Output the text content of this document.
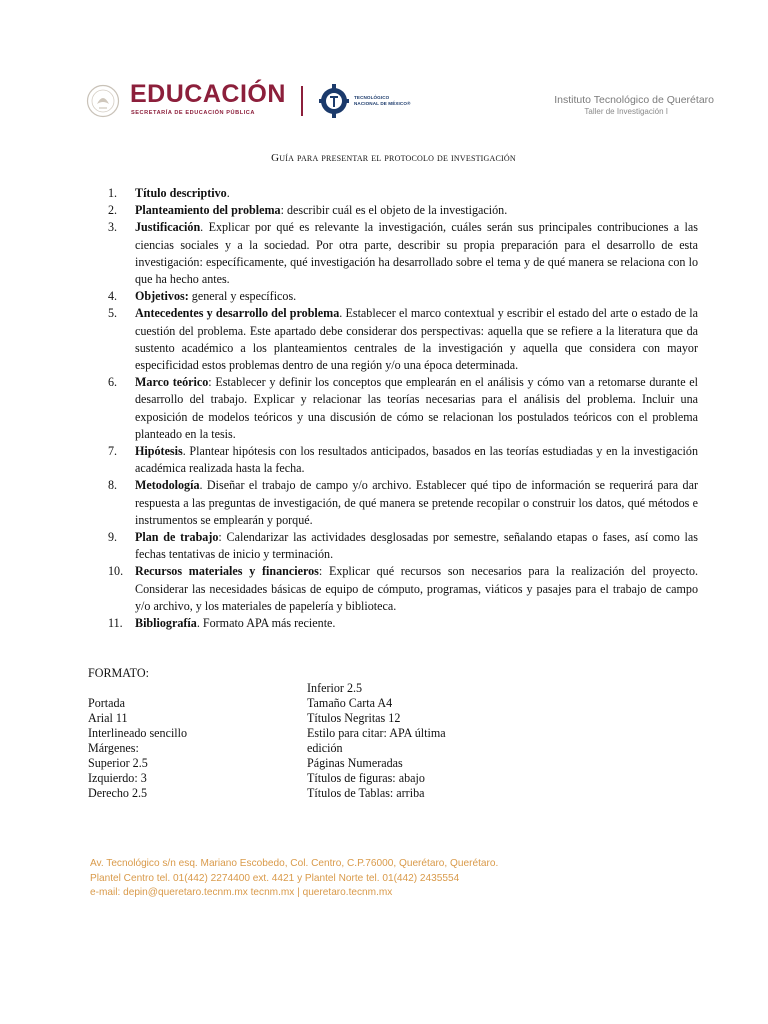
EDUCACIÓN
SECRETARÍA DE EDUCACIÓN PÚBLICA
TECNOLÓGICO
NACIONAL DE MÉXICO®	Instituto Tecnológico de Querétaro
Taller de Investigación I
Guía para presentar el protocolo de investigación
1. Título descriptivo.
2. Planteamiento del problema: describir cuál es el objeto de la investigación.
3. Justificación. Explicar por qué es relevante la investigación, cuáles serán sus principales contribuciones a las ciencias sociales y a la sociedad. Por otra parte, describir su propia preparación para el desarrollo de esta investigación: específicamente, qué investigación ha desarrollado sobre el tema y de qué manera se relaciona con lo que ha hecho antes.
4. Objetivos: general y específicos.
5. Antecedentes y desarrollo del problema. Establecer el marco contextual y escribir el estado del arte o estado de la cuestión del problema. Este apartado debe considerar dos perspectivas: aquella que se refiere a la literatura que da sustento académico a los planteamientos centrales de la investigación y aquella que considera con mayor especificidad estos problemas dentro de una región y/o una época determinada.
6. Marco teórico: Establecer y definir los conceptos que emplearán en el análisis y cómo van a retomarse durante el desarrollo del trabajo. Explicar y relacionar las teorías necesarias para el análisis del problema. Incluir una exposición de modelos teóricos y una discusión de cómo se relacionan los postulados teóricos con el problema planteado en la tesis.
7. Hipótesis. Plantear hipótesis con los resultados anticipados, basados en las teorías estudiadas y en la investigación académica realizada hasta la fecha.
8. Metodología. Diseñar el trabajo de campo y/o archivo. Establecer qué tipo de información se requerirá para dar respuesta a las preguntas de investigación, de qué manera se pretende recopilar o construir los datos, qué métodos e instrumentos se emplearán y porqué.
9. Plan de trabajo: Calendarizar las actividades desglosadas por semestre, señalando etapas o fases, así como las fechas tentativas de inicio y terminación.
10. Recursos materiales y financieros: Explicar qué recursos son necesarios para la realización del proyecto. Considerar las necesidades básicas de equipo de cómputo, programas, viáticos y pasajes para el trabajo de campo y/o archivo, y los materiales de papelería y biblioteca.
11. Bibliografía. Formato APA más reciente.
FORMATO:
Portada
Arial 11
Interlineado sencillo
Márgenes:
Superior 2.5
Izquierdo: 3
Derecho 2.5
Inferior 2.5
Tamaño Carta A4
Títulos Negritas 12
Estilo para citar: APA última
edición
Páginas Numeradas
Títulos de figuras: abajo
Títulos de Tablas: arriba
Av. Tecnológico s/n esq. Mariano Escobedo, Col. Centro, C.P.76000, Querétaro, Querétaro.
Plantel Centro tel. 01(442) 2274400 ext. 4421 y Plantel Norte tel. 01(442) 2435554
e-mail: depin@queretaro.tecnm.mx tecnm.mx | queretaro.tecnm.mx
